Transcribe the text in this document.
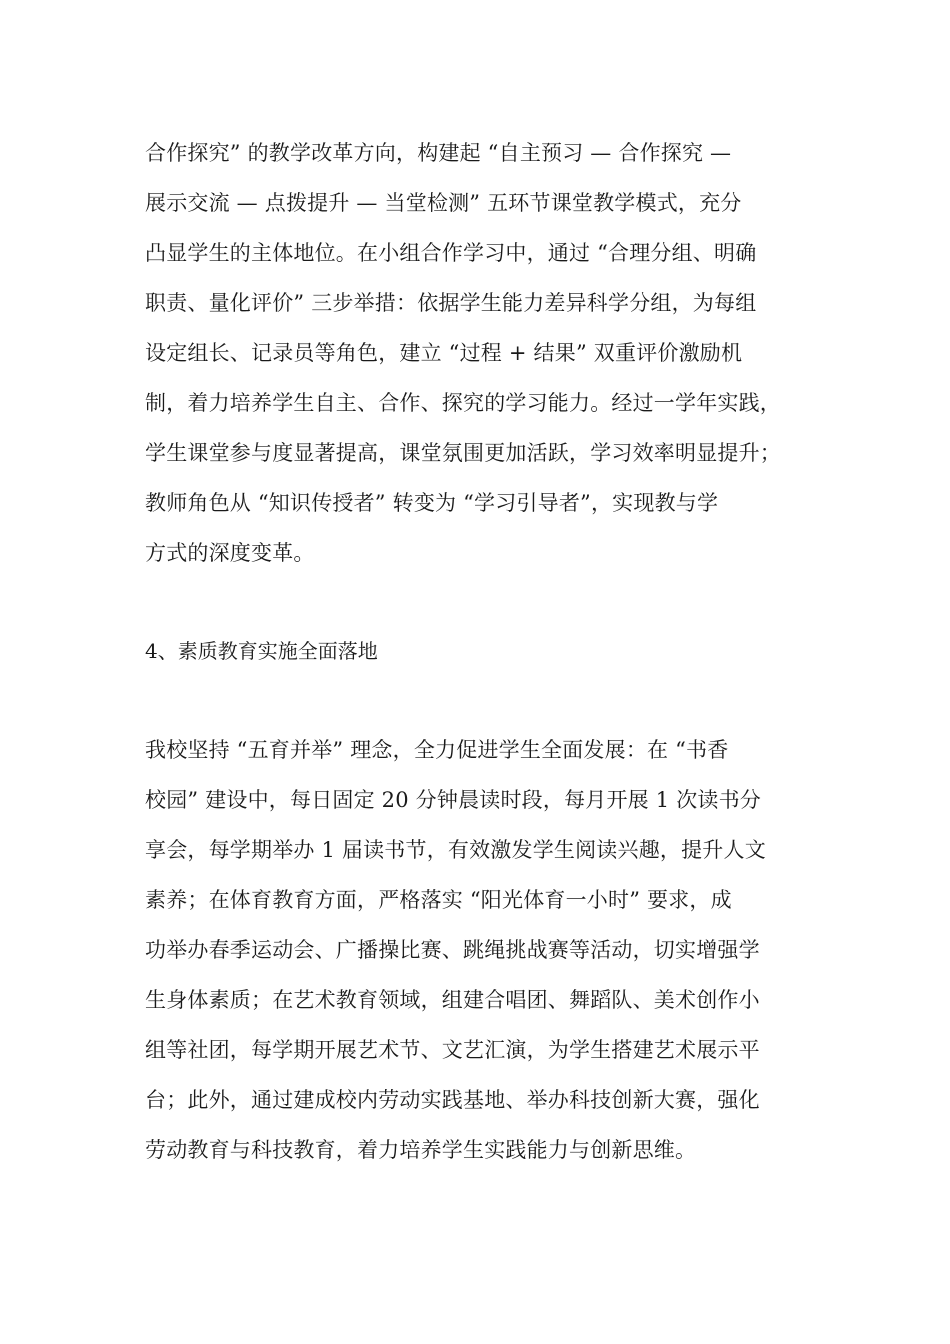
合作探究” 的教学改革方向，构建起 “自主预习 — 合作探究 —
展示交流 — 点拨提升 — 当堂检测” 五环节课堂教学模式，充分
凸显学生的主体地位。在小组合作学习中，通过 “合理分组、明确
职责、量化评价” 三步举措：依据学生能力差异科学分组，为每组
设定组长、记录员等角色，建立 “过程 + 结果” 双重评价激励机
制，着力培养学生自主、合作、探究的学习能力。经过一学年实践，
学生课堂参与度显著提高，课堂氛围更加活跃，学习效率明显提升；
教师角色从 “知识传授者” 转变为 “学习引导者”，实现教与学
方式的深度变革。
4、素质教育实施全面落地
我校坚持 “五育并举” 理念，全力促进学生全面发展：在 “书香
校园” 建设中，每日固定 20 分钟晨读时段，每月开展 1 次读书分
享会，每学期举办 1 届读书节，有效激发学生阅读兴趣，提升人文
素养；在体育教育方面，严格落实 “阳光体育一小时” 要求，成
功举办春季运动会、广播操比赛、跳绳挑战赛等活动，切实增强学
生身体素质；在艺术教育领域，组建合唱团、舞蹈队、美术创作小
组等社团，每学期开展艺术节、文艺汇演，为学生搭建艺术展示平
台；此外，通过建成校内劳动实践基地、举办科技创新大赛，强化
劳动教育与科技教育，着力培养学生实践能力与创新思维。
